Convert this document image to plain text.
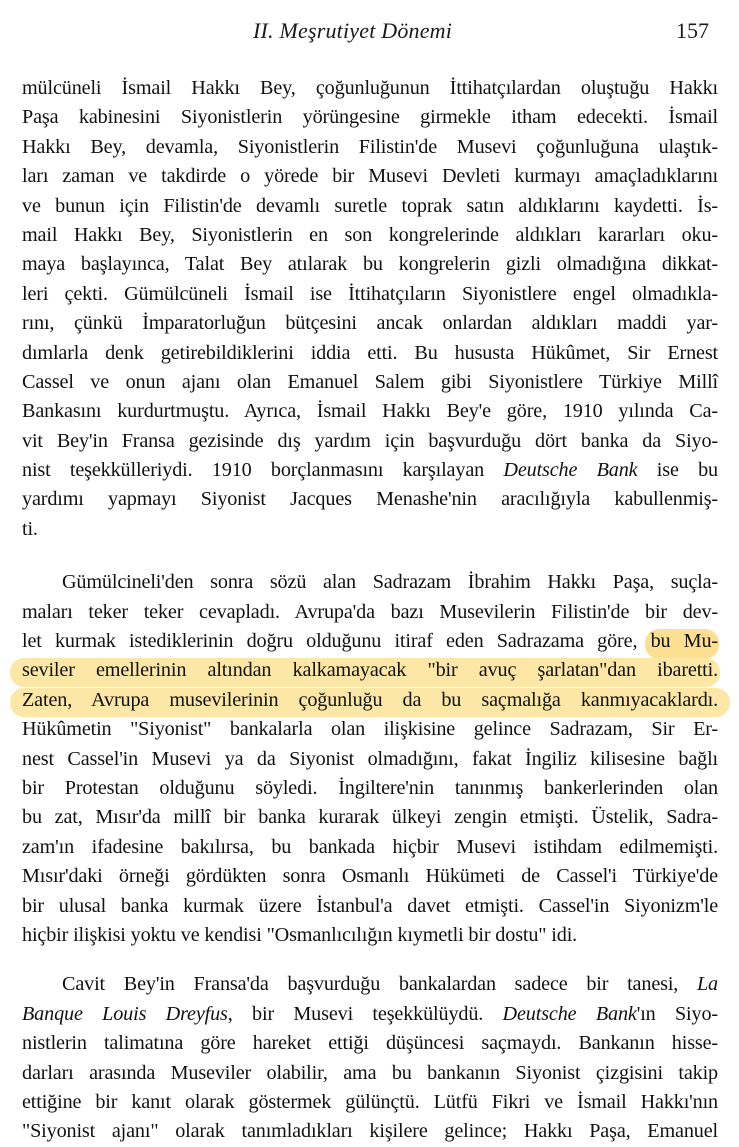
II. Meşrutiyet Dönemi	157
mülcüneli İsmail Hakkı Bey, çoğunluğunun İttihatçılardan oluştuğu Hakkı
Paşa kabinesini Siyonistlerin yörüngesine girmekle itham edecekti. İsmail
Hakkı Bey, devamla, Siyonistlerin Filistin'de Musevi çoğunluğuna ulaştık-
ları zaman ve takdirde o yörede bir Musevi Devleti kurmayı amaçladıklarını
ve bunun için Filistin'de devamlı suretle toprak satın aldıklarını kaydetti. İs-
mail Hakkı Bey, Siyonistlerin en son kongrelerinde aldıkları kararları oku-
maya başlayınca, Talat Bey atılarak bu kongrelerin gizli olmadığına dikkat-
leri çekti. Gümülcüneli İsmail ise İttihatçıların Siyonistlere engel olmadıkla-
rını, çünkü İmparatorluğun bütçesini ancak onlardan aldıkları maddi yar-
dımlarla denk getirebildiklerini iddia etti. Bu hususta Hükûmet, Sir Ernest
Cassel ve onun ajanı olan Emanuel Salem gibi Siyonistlere Türkiye Millî
Bankasını kurdurtmuştu. Ayrıca, İsmail Hakkı Bey'e göre, 1910 yılında Ca-
vit Bey'in Fransa gezisinde dış yardım için başvurduğu dört banka da Siyo-
nist teşekkülleriydi. 1910 borçlanmasını karşılayan Deutsche Bank ise bu
yardımı yapmayı Siyonist Jacques Menashe'nin aracılığıyla kabullenmiş-
ti.
Gümülcineli'den sonra sözü alan Sadrazam İbrahim Hakkı Paşa, suçla-
maları teker teker cevapladı. Avrupa'da bazı Musevilerin Filistin'de bir dev-
let kurmak istediklerinin doğru olduğunu itiraf eden Sadrazama göre, bu Mu-
seviler emellerinin altından kalkamayacak "bir avuç şarlatan"dan ibaretti.
Zaten, Avrupa musevilerinin çoğunluğu da bu saçmalığa kanmıyacaklardı.
Hükûmetin "Siyonist" bankalarla olan ilişkisine gelince Sadrazam, Sir Er-
nest Cassel'in Musevi ya da Siyonist olmadığını, fakat İngiliz kilisesine bağlı
bir Protestan olduğunu söyledi. İngiltere'nin tanınmış bankerlerinden olan
bu zat, Mısır'da millî bir banka kurarak ülkeyi zengin etmişti. Üstelik, Sadra-
zam'ın ifadesine bakılırsa, bu bankada hiçbir Musevi istihdam edilmemişti.
Mısır'daki örneği gördükten sonra Osmanlı Hükümeti de Cassel'i Türkiye'de
bir ulusal banka kurmak üzere İstanbul'a davet etmişti. Cassel'in Siyonizm'le
hiçbir ilişkisi yoktu ve kendisi "Osmanlıcılığın kıymetli bir dostu" idi.
Cavit Bey'in Fransa'da başvurduğu bankalardan sadece bir tanesi, La
Banque Louis Dreyfus, bir Musevi teşekkülüydü. Deutsche Bank'ın Siyo-
nistlerin talimatına göre hareket ettiği düşüncesi saçmaydı. Bankanın hisse-
darları arasında Museviler olabilir, ama bu bankanın Siyonist çizgisini takip
ettiğine bir kanıt olarak göstermek gülünçtü. Lütfü Fikri ve İsmail Hakkı'nın
"Siyonist ajanı" olarak tanımladıkları kişilere gelince; Hakkı Paşa, Emanuel
